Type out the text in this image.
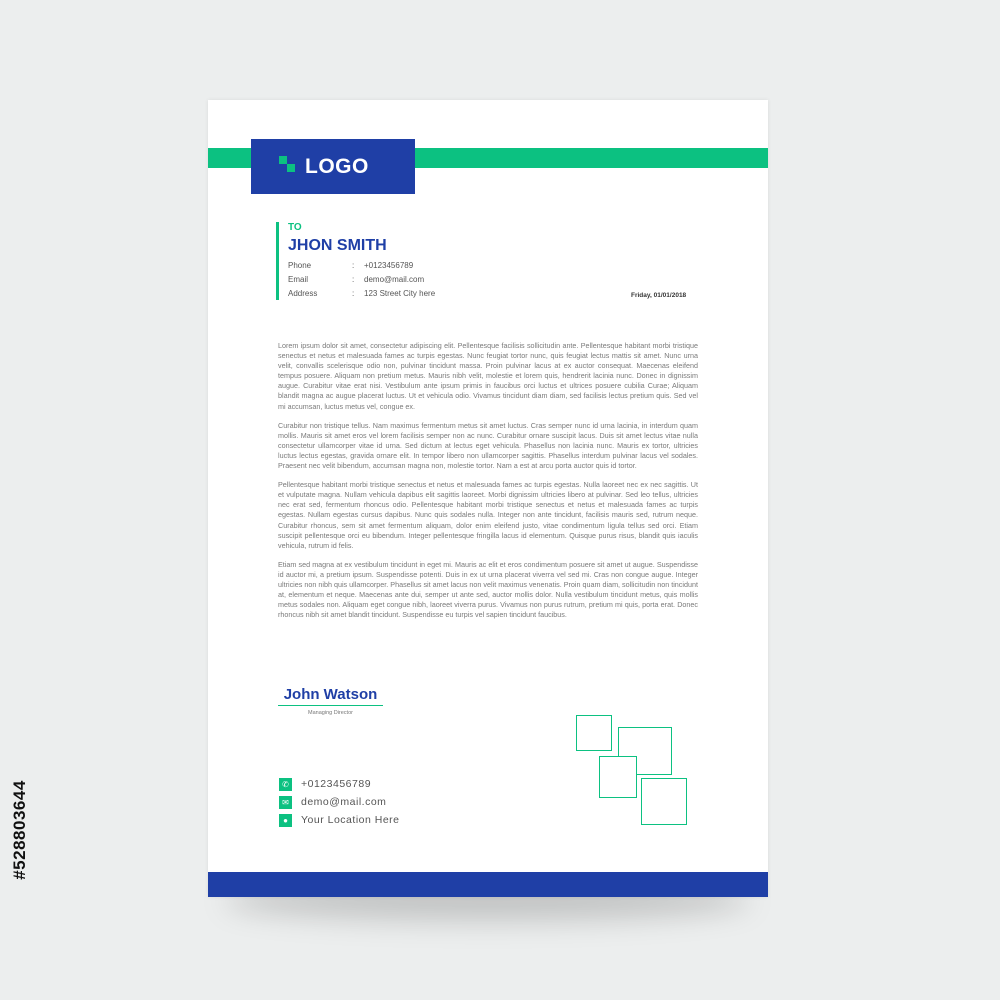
LOGO
TO
JHON SMITH
Phone	:	+0123456789
Email	:	demo@mail.com
Address	:	123 Street City here	Friday, 01/01/2018

Lorem ipsum dolor sit amet, consectetur adipiscing elit. Pellentesque facilisis sollicitudin ante. Pellentesque habitant morbi tristique senectus et netus et malesuada fames ac turpis egestas. Nunc feugiat tortor nunc, quis feugiat lectus mattis sit amet. Nunc urna velit, convallis scelerisque odio non, pulvinar tincidunt massa. Proin pulvinar lacus at ex auctor consequat. Maecenas eleifend tempus posuere. Aliquam non pretium metus. Mauris nibh velit, molestie et lorem quis, hendrerit lacinia nunc. Donec in dignissim augue. Curabitur vitae erat nisi. Vestibulum ante ipsum primis in faucibus orci luctus et ultrices posuere cubilia Curae; Aliquam blandit magna ac augue placerat luctus. Ut et vehicula odio. Vivamus tincidunt diam diam, sed facilisis lectus pretium quis. Sed vel mi accumsan, luctus metus vel, congue ex.

Curabitur non tristique tellus. Nam maximus fermentum metus sit amet luctus. Cras semper nunc id urna lacinia, in interdum quam mollis. Mauris sit amet eros vel lorem facilisis semper non ac nunc. Curabitur ornare suscipit lacus. Duis sit amet lectus vitae nulla consectetur ullamcorper vitae id urna. Sed dictum at lectus eget vehicula. Phasellus non lacinia nunc. Mauris ex tortor, ultricies luctus lectus egestas, gravida ornare elit. In tempor libero non ullamcorper sagittis. Phasellus interdum pulvinar lacus vel sodales. Praesent nec velit bibendum, accumsan magna non, molestie tortor. Nam a est at arcu porta auctor quis id tortor.

Pellentesque habitant morbi tristique senectus et netus et malesuada fames ac turpis egestas. Nulla laoreet nec ex nec sagittis. Ut et vulputate magna. Nullam vehicula dapibus elit sagittis laoreet. Morbi dignissim ultricies libero at pulvinar. Sed leo tellus, ultricies nec erat sed, fermentum rhoncus odio. Pellentesque habitant morbi tristique senectus et netus et malesuada fames ac turpis egestas. Nullam egestas cursus dapibus. Nunc quis sodales nulla. Integer non ante tincidunt, facilisis mauris sed, rutrum neque. Curabitur rhoncus, sem sit amet fermentum aliquam, dolor enim eleifend justo, vitae condimentum ligula tellus sed orci. Etiam suscipit pellentesque orci eu bibendum. Integer pellentesque fringilla lacus id elementum. Quisque purus risus, blandit quis iaculis vehicula, rutrum id felis.

Etiam sed magna at ex vestibulum tincidunt in eget mi. Mauris ac elit et eros condimentum posuere sit amet ut augue. Suspendisse id auctor mi, a pretium ipsum. Suspendisse potenti. Duis in ex ut urna placerat viverra vel sed mi. Cras non congue augue. Integer ultricies non nibh quis ullamcorper. Phasellus sit amet lacus non velit maximus venenatis. Proin quam diam, sollicitudin non tincidunt at, elementum et neque. Maecenas ante dui, semper ut ante sed, auctor mollis dolor. Nulla vestibulum tincidunt metus, quis mollis metus sodales non. Aliquam eget congue nibh, laoreet viverra purus. Vivamus non purus rutrum, pretium mi quis, porta erat. Donec rhoncus nibh sit amet blandit tincidunt. Suspendisse eu turpis vel sapien tincidunt faucibus.

John Watson
Managing Director
✆	+0123456789
✉	demo@mail.com
●	Your Location Here
#528803644
